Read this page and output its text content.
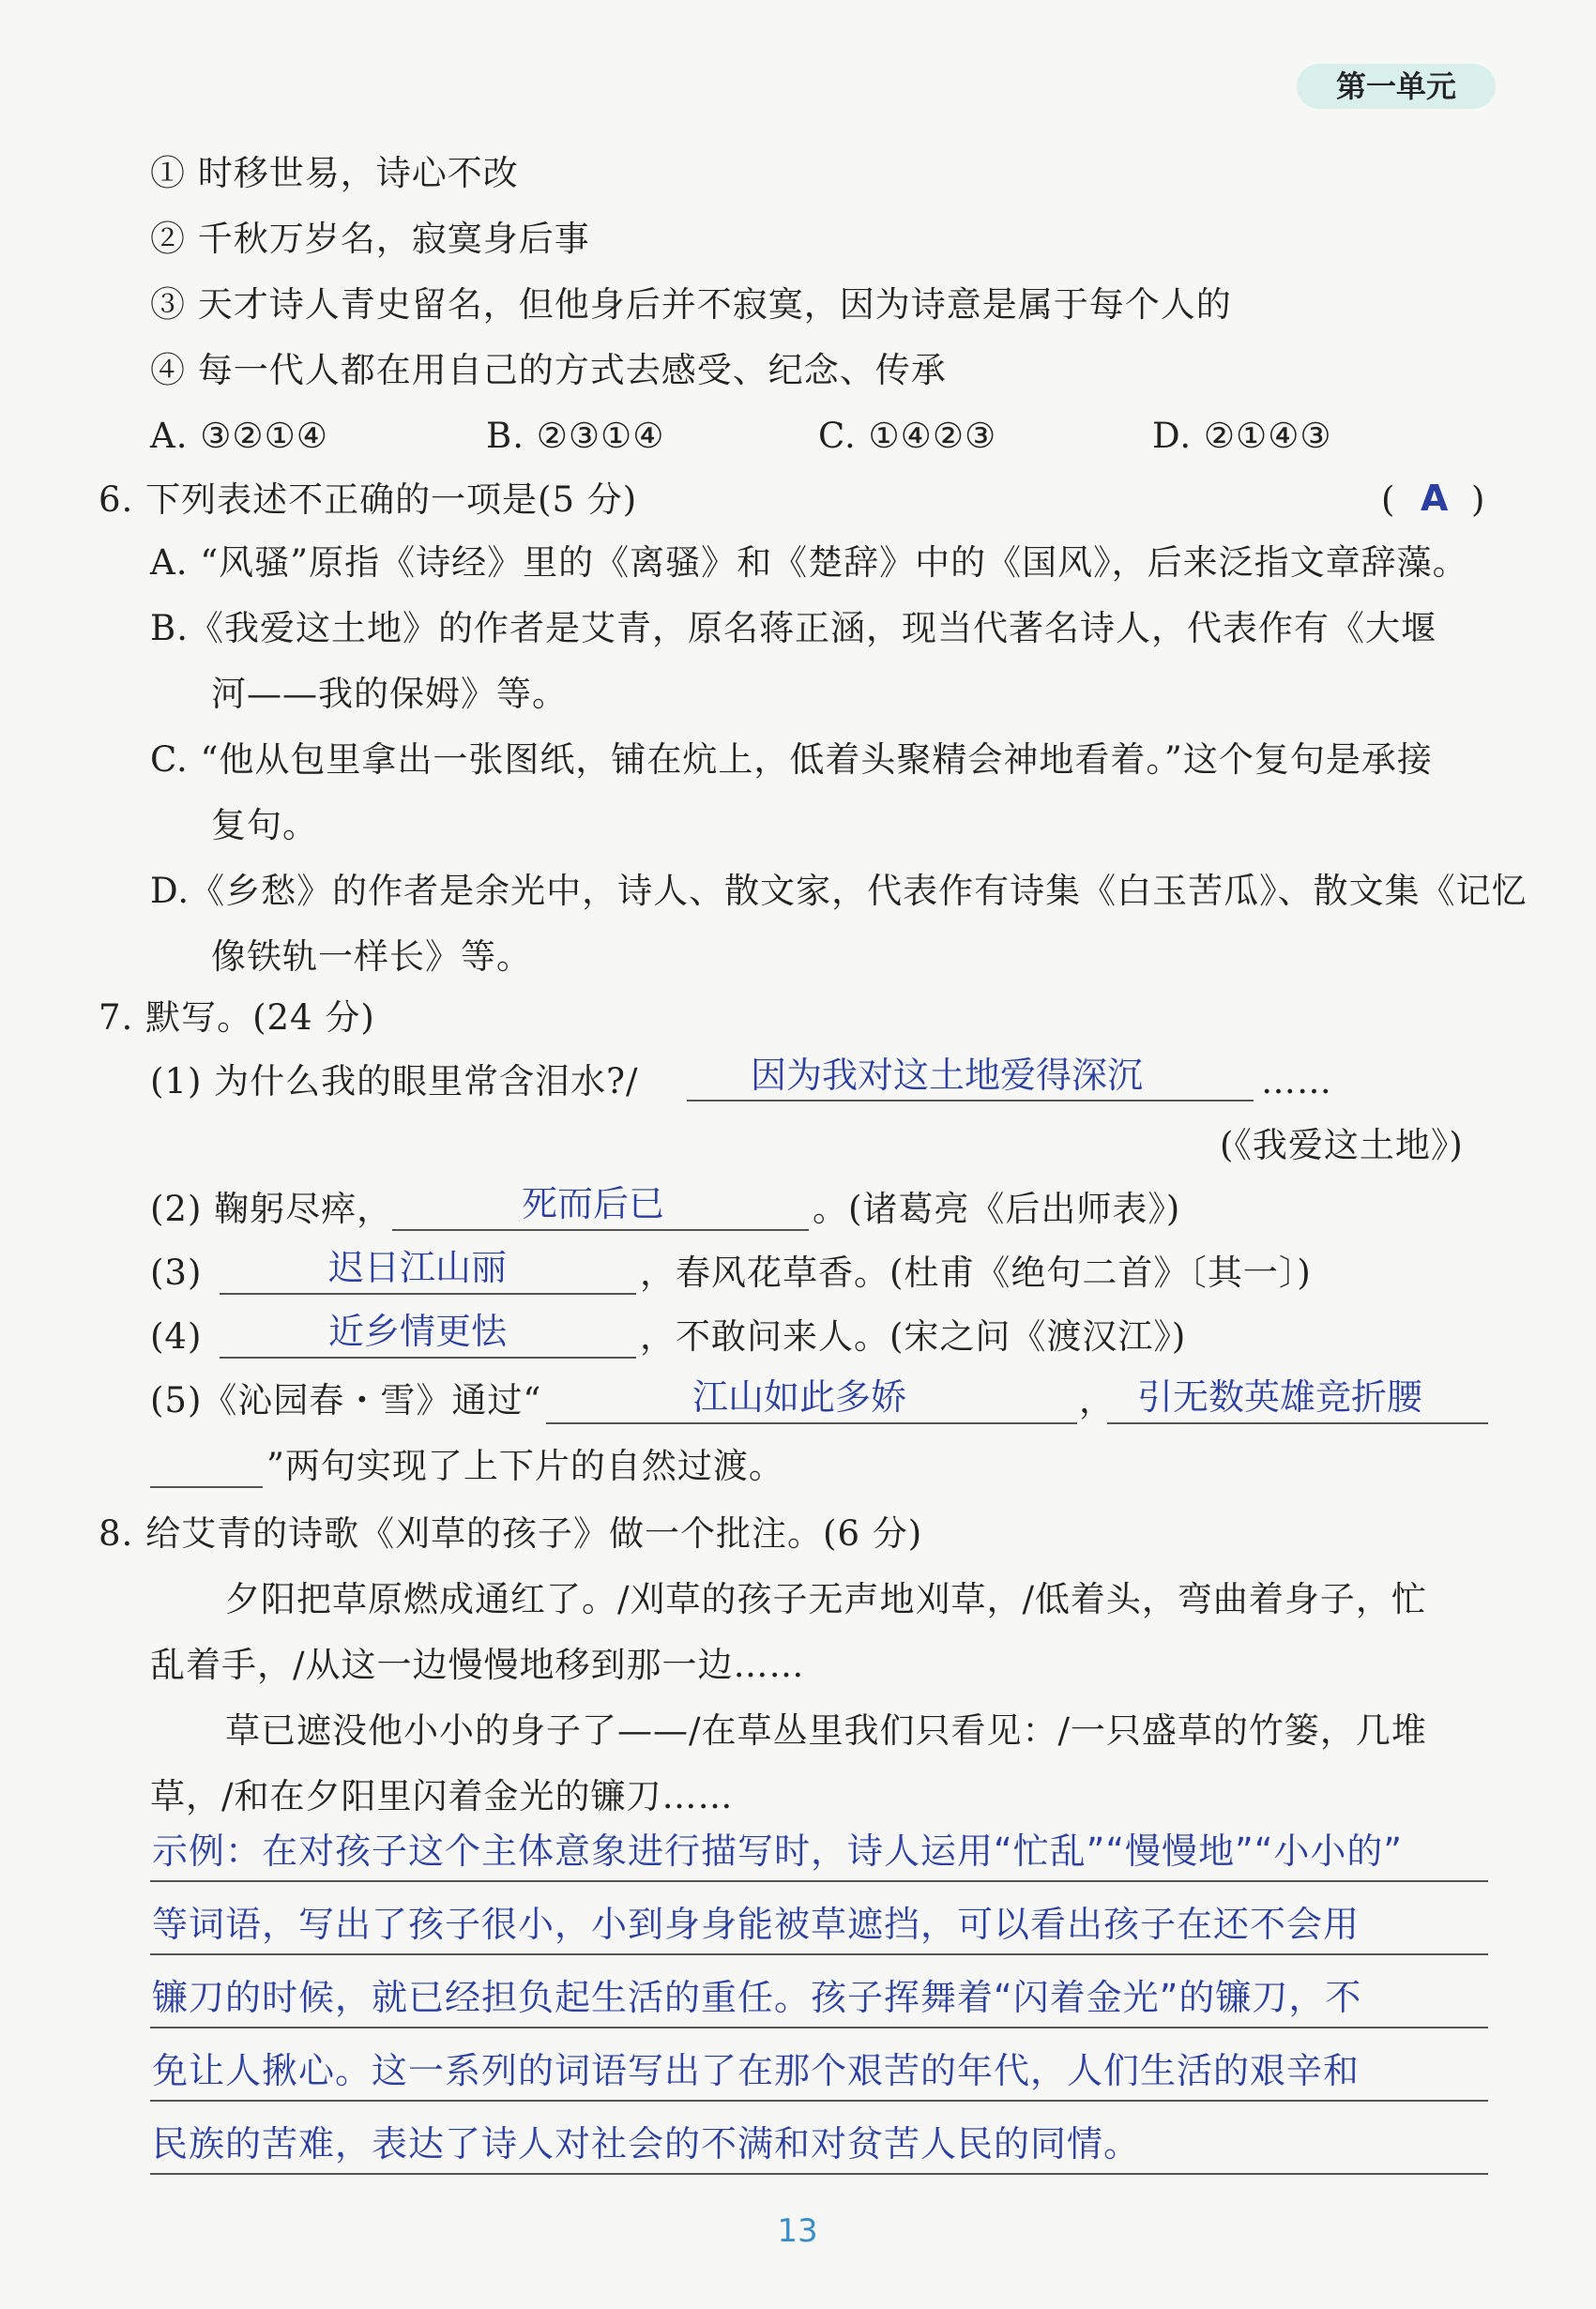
第一单元
① 时移世易，诗心不改
② 千秋万岁名，寂寞身后事
③ 天才诗人青史留名，但他身后并不寂寞，因为诗意是属于每个人的
④ 每一代人都在用自己的方式去感受、纪念、传承
A. ③②①④	B. ②③①④	C. ①④②③	D. ②①④③
6. 下列表述不正确的一项是(5 分)	( A )
A. “风骚”原指《诗经》里的《离骚》和《楚辞》中的《国风》，后来泛指文章辞藻。
B.《我爱这土地》的作者是艾青，原名蒋正涵，现当代著名诗人，代表作有《大堰
河——我的保姆》等。
C. “他从包里拿出一张图纸，铺在炕上，低着头聚精会神地看着。”这个复句是承接
复句。
D.《乡愁》的作者是余光中，诗人、散文家，代表作有诗集《白玉苦瓜》、散文集《记忆
像铁轨一样长》等。
7. 默写。(24 分)
(1) 为什么我的眼里常含泪水?/	因为我对这土地爱得深沉	……
(《我爱这土地》)
(2) 鞠躬尽瘁，	死而后已	。(诸葛亮《后出师表》)
(3)	迟日江山丽	，春风花草香。(杜甫《绝句二首》〔其一〕)
(4)	近乡情更怯	，不敢问来人。(宋之问《渡汉江》)
(5)《沁园春・雪》通过“	江山如此多娇	， 引无数英雄竞折腰
”两句实现了上下片的自然过渡。
8. 给艾青的诗歌《刈草的孩子》做一个批注。(6 分)
夕阳把草原燃成通红了。/刈草的孩子无声地刈草，/低着头，弯曲着身子，忙
乱着手，/从这一边慢慢地移到那一边……
草已遮没他小小的身子了——/在草丛里我们只看见：/一只盛草的竹篓，几堆
草，/和在夕阳里闪着金光的镰刀……
示例：在对孩子这个主体意象进行描写时，诗人运用“忙乱”“慢慢地”“小小的”
等词语，写出了孩子很小，小到身身能被草遮挡，可以看出孩子在还不会用
镰刀的时候，就已经担负起生活的重任。孩子挥舞着“闪着金光”的镰刀，不
免让人揪心。这一系列的词语写出了在那个艰苦的年代，人们生活的艰辛和
民族的苦难，表达了诗人对社会的不满和对贫苦人民的同情。
13
